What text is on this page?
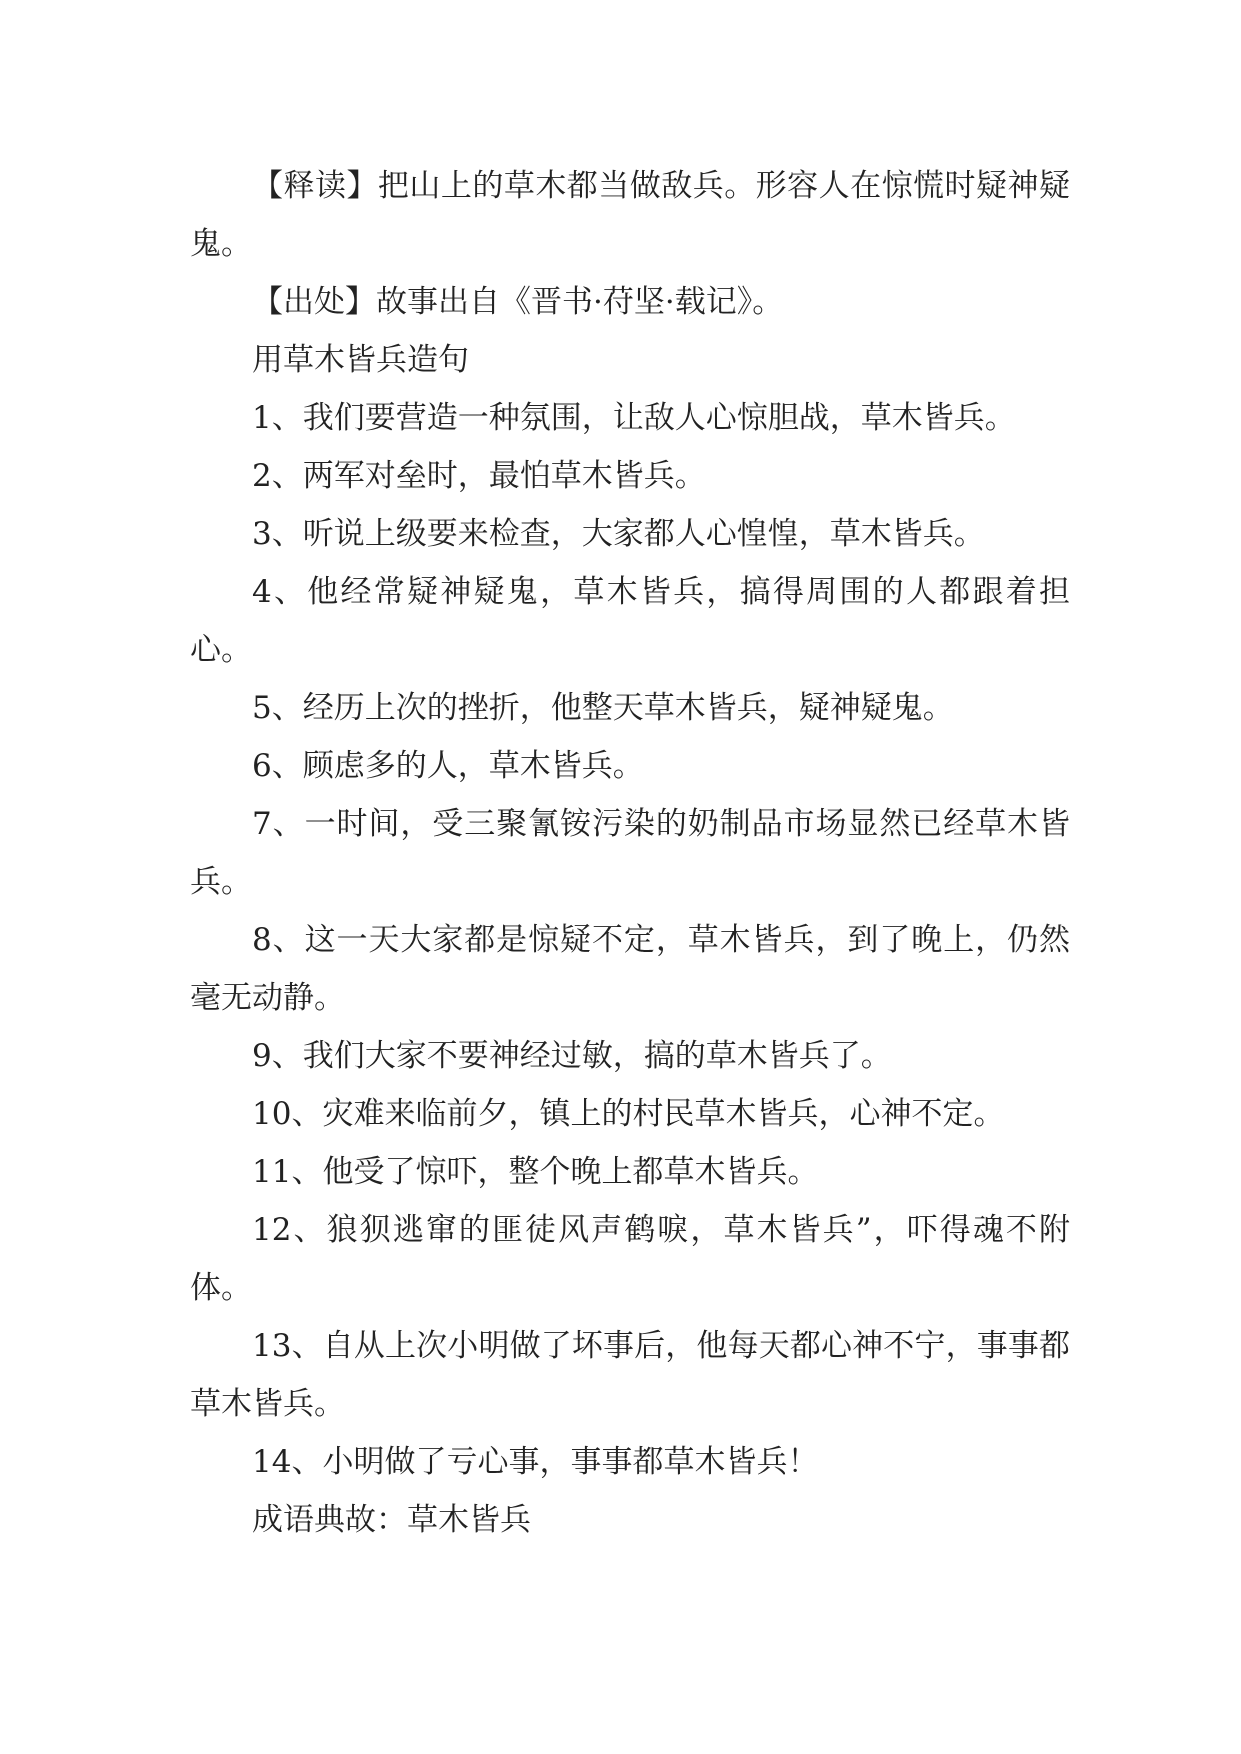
【释读】把山上的草木都当做敌兵。形容人在惊慌时疑神疑鬼。

【出处】故事出自《晋书·苻坚·载记》。

用草木皆兵造句

1、我们要营造一种氛围，让敌人心惊胆战，草木皆兵。

2、两军对垒时，最怕草木皆兵。

3、听说上级要来检查，大家都人心惶惶，草木皆兵。

4、他经常疑神疑鬼，草木皆兵，搞得周围的人都跟着担心。

5、经历上次的挫折，他整天草木皆兵，疑神疑鬼。

6、顾虑多的人，草木皆兵。

7、一时间，受三聚氰铵污染的奶制品市场显然已经草木皆兵。

8、这一天大家都是惊疑不定，草木皆兵，到了晚上，仍然毫无动静。

9、我们大家不要神经过敏，搞的草木皆兵了。

10、灾难来临前夕，镇上的村民草木皆兵，心神不定。

11、他受了惊吓，整个晚上都草木皆兵。

12、狼狈逃窜的匪徒风声鹤唳，草木皆兵”，吓得魂不附体。

13、自从上次小明做了坏事后，他每天都心神不宁，事事都草木皆兵。

14、小明做了亏心事，事事都草木皆兵！

成语典故：草木皆兵
